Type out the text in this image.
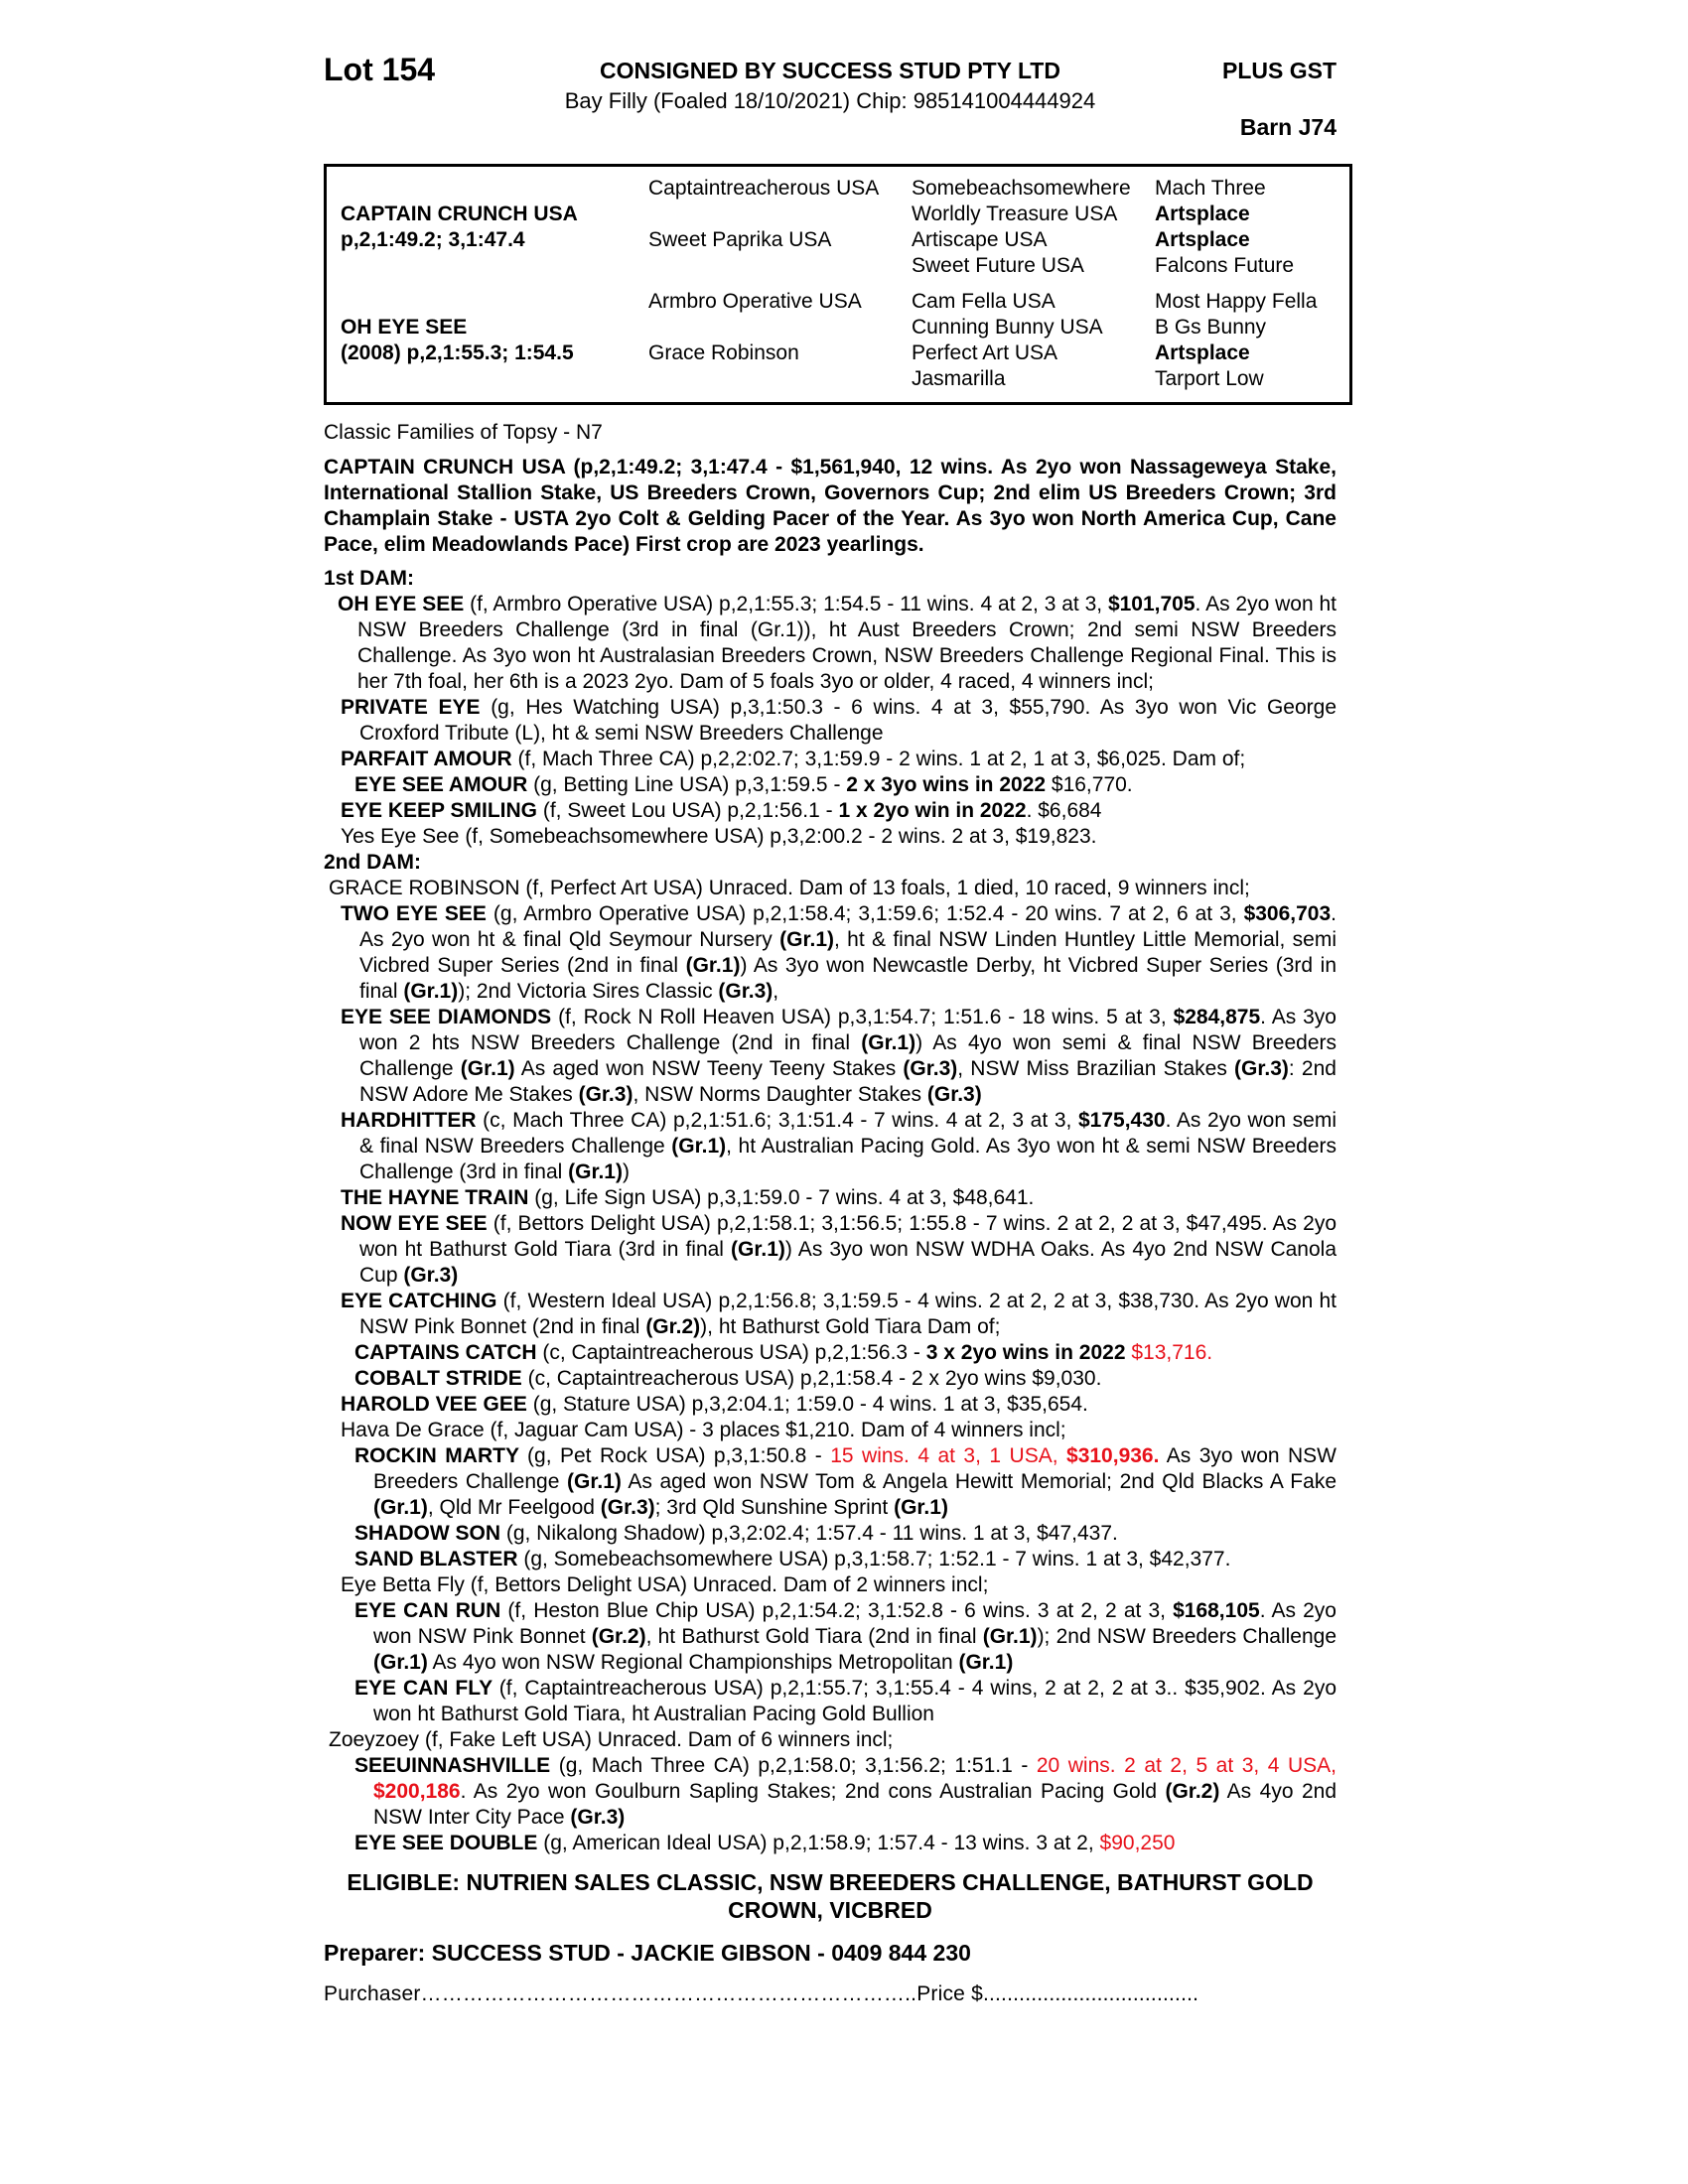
Lot 154	CONSIGNED BY SUCCESS STUD PTY LTD
Bay Filly (Foaled 18/10/2021) Chip: 985141004444924
PLUS GST
Barn J74
CAPTAIN CRUNCH USA
p,2,1:49.2; 3,1:47.4
OH EYE SEE
(2008) p,2,1:55.3; 1:54.5
Captaintreacherous USA
Sweet Paprika USA
Armbro Operative USA
Grace Robinson
Somebeachsomewhere
Worldly Treasure USA
Artiscape USA
Sweet Future USA
Cam Fella USA
Cunning Bunny USA
Perfect Art USA
Jasmarilla
Mach Three
Artsplace
Artsplace
Falcons Future
Most Happy Fella
B Gs Bunny
Artsplace
Tarport Low

Classic Families of Topsy - N7

CAPTAIN CRUNCH USA (p,2,1:49.2; 3,1:47.4 - $1,561,940, 12 wins. As 2yo won Nassageweya Stake, International Stallion Stake, US Breeders Crown, Governors Cup; 2nd elim US Breeders Crown; 3rd Champlain Stake - USTA 2yo Colt & Gelding Pacer of the Year. As 3yo won North America Cup, Cane Pace, elim Meadowlands Pace) First crop are 2023 yearlings.

1st DAM:

OH EYE SEE (f, Armbro Operative USA) p,2,1:55.3; 1:54.5 - 11 wins. 4 at 2, 3 at 3, $101,705. As 2yo won ht NSW Breeders Challenge (3rd in final (Gr.1)), ht Aust Breeders Crown; 2nd semi NSW Breeders Challenge. As 3yo won ht Australasian Breeders Crown, NSW Breeders Challenge Regional Final. This is her 7th foal, her 6th is a 2023 2yo. Dam of 5 foals 3yo or older, 4 raced, 4 winners incl;

PRIVATE EYE (g, Hes Watching USA) p,3,1:50.3 - 6 wins. 4 at 3, $55,790. As 3yo won Vic George Croxford Tribute (L), ht & semi NSW Breeders Challenge

PARFAIT AMOUR (f, Mach Three CA) p,2,2:02.7; 3,1:59.9 - 2 wins. 1 at 2, 1 at 3, $6,025. Dam of;

EYE SEE AMOUR (g, Betting Line USA) p,3,1:59.5 - 2 x 3yo wins in 2022 $16,770.

EYE KEEP SMILING (f, Sweet Lou USA) p,2,1:56.1 - 1 x 2yo win in 2022. $6,684

Yes Eye See (f, Somebeachsomewhere USA) p,3,2:00.2 - 2 wins. 2 at 3, $19,823.

2nd DAM:

GRACE ROBINSON (f, Perfect Art USA) Unraced. Dam of 13 foals, 1 died, 10 raced, 9 winners incl;

TWO EYE SEE (g, Armbro Operative USA) p,2,1:58.4; 3,1:59.6; 1:52.4 - 20 wins. 7 at 2, 6 at 3, $306,703. As 2yo won ht & final Qld Seymour Nursery (Gr.1), ht & final NSW Linden Huntley Little Memorial, semi Vicbred Super Series (2nd in final (Gr.1)) As 3yo won Newcastle Derby, ht Vicbred Super Series (3rd in final (Gr.1)); 2nd Victoria Sires Classic (Gr.3),

EYE SEE DIAMONDS (f, Rock N Roll Heaven USA) p,3,1:54.7; 1:51.6 - 18 wins. 5 at 3, $284,875. As 3yo won 2 hts NSW Breeders Challenge (2nd in final (Gr.1)) As 4yo won semi & final NSW Breeders Challenge (Gr.1) As aged won NSW Teeny Teeny Stakes (Gr.3), NSW Miss Brazilian Stakes (Gr.3): 2nd NSW Adore Me Stakes (Gr.3), NSW Norms Daughter Stakes (Gr.3)

HARDHITTER (c, Mach Three CA) p,2,1:51.6; 3,1:51.4 - 7 wins. 4 at 2, 3 at 3, $175,430. As 2yo won semi & final NSW Breeders Challenge (Gr.1), ht Australian Pacing Gold. As 3yo won ht & semi NSW Breeders Challenge (3rd in final (Gr.1))

THE HAYNE TRAIN (g, Life Sign USA) p,3,1:59.0 - 7 wins. 4 at 3, $48,641.

NOW EYE SEE (f, Bettors Delight USA) p,2,1:58.1; 3,1:56.5; 1:55.8 - 7 wins. 2 at 2, 2 at 3, $47,495. As 2yo won ht Bathurst Gold Tiara (3rd in final (Gr.1)) As 3yo won NSW WDHA Oaks. As 4yo 2nd NSW Canola Cup (Gr.3)

EYE CATCHING (f, Western Ideal USA) p,2,1:56.8; 3,1:59.5 - 4 wins. 2 at 2, 2 at 3, $38,730. As 2yo won ht NSW Pink Bonnet (2nd in final (Gr.2)), ht Bathurst Gold Tiara Dam of;

CAPTAINS CATCH (c, Captaintreacherous USA) p,2,1:56.3 - 3 x 2yo wins in 2022 $13,716.

COBALT STRIDE (c, Captaintreacherous USA) p,2,1:58.4 - 2 x 2yo wins $9,030.

HAROLD VEE GEE (g, Stature USA) p,3,2:04.1; 1:59.0 - 4 wins. 1 at 3, $35,654.

Hava De Grace (f, Jaguar Cam USA) - 3 places $1,210. Dam of 4 winners incl;

ROCKIN MARTY (g, Pet Rock USA) p,3,1:50.8 - 15 wins. 4 at 3, 1 USA, $310,936. As 3yo won NSW Breeders Challenge (Gr.1) As aged won NSW Tom & Angela Hewitt Memorial; 2nd Qld Blacks A Fake (Gr.1), Qld Mr Feelgood (Gr.3); 3rd Qld Sunshine Sprint (Gr.1)

SHADOW SON (g, Nikalong Shadow) p,3,2:02.4; 1:57.4 - 11 wins. 1 at 3, $47,437.

SAND BLASTER (g, Somebeachsomewhere USA) p,3,1:58.7; 1:52.1 - 7 wins. 1 at 3, $42,377.

Eye Betta Fly (f, Bettors Delight USA) Unraced. Dam of 2 winners incl;

EYE CAN RUN (f, Heston Blue Chip USA) p,2,1:54.2; 3,1:52.8 - 6 wins. 3 at 2, 2 at 3, $168,105. As 2yo won NSW Pink Bonnet (Gr.2), ht Bathurst Gold Tiara (2nd in final (Gr.1)); 2nd NSW Breeders Challenge (Gr.1) As 4yo won NSW Regional Championships Metropolitan (Gr.1)

EYE CAN FLY (f, Captaintreacherous USA) p,2,1:55.7; 3,1:55.4 - 4 wins, 2 at 2, 2 at 3.. $35,902. As 2yo won ht Bathurst Gold Tiara, ht Australian Pacing Gold Bullion

Zoeyzoey (f, Fake Left USA) Unraced. Dam of 6 winners incl;

SEEUINNASHVILLE (g, Mach Three CA) p,2,1:58.0; 3,1:56.2; 1:51.1 - 20 wins. 2 at 2, 5 at 3, 4 USA, $200,186. As 2yo won Goulburn Sapling Stakes; 2nd cons Australian Pacing Gold (Gr.2) As 4yo 2nd NSW Inter City Pace (Gr.3)

EYE SEE DOUBLE (g, American Ideal USA) p,2,1:58.9; 1:57.4 - 13 wins. 3 at 2, $90,250

ELIGIBLE: NUTRIEN SALES CLASSIC, NSW BREEDERS CHALLENGE, BATHURST GOLD CROWN, VICBRED

Preparer: SUCCESS STUD - JACKIE GIBSON - 0409 844 230

Purchaser……………………………………………………………..Price $....................................
